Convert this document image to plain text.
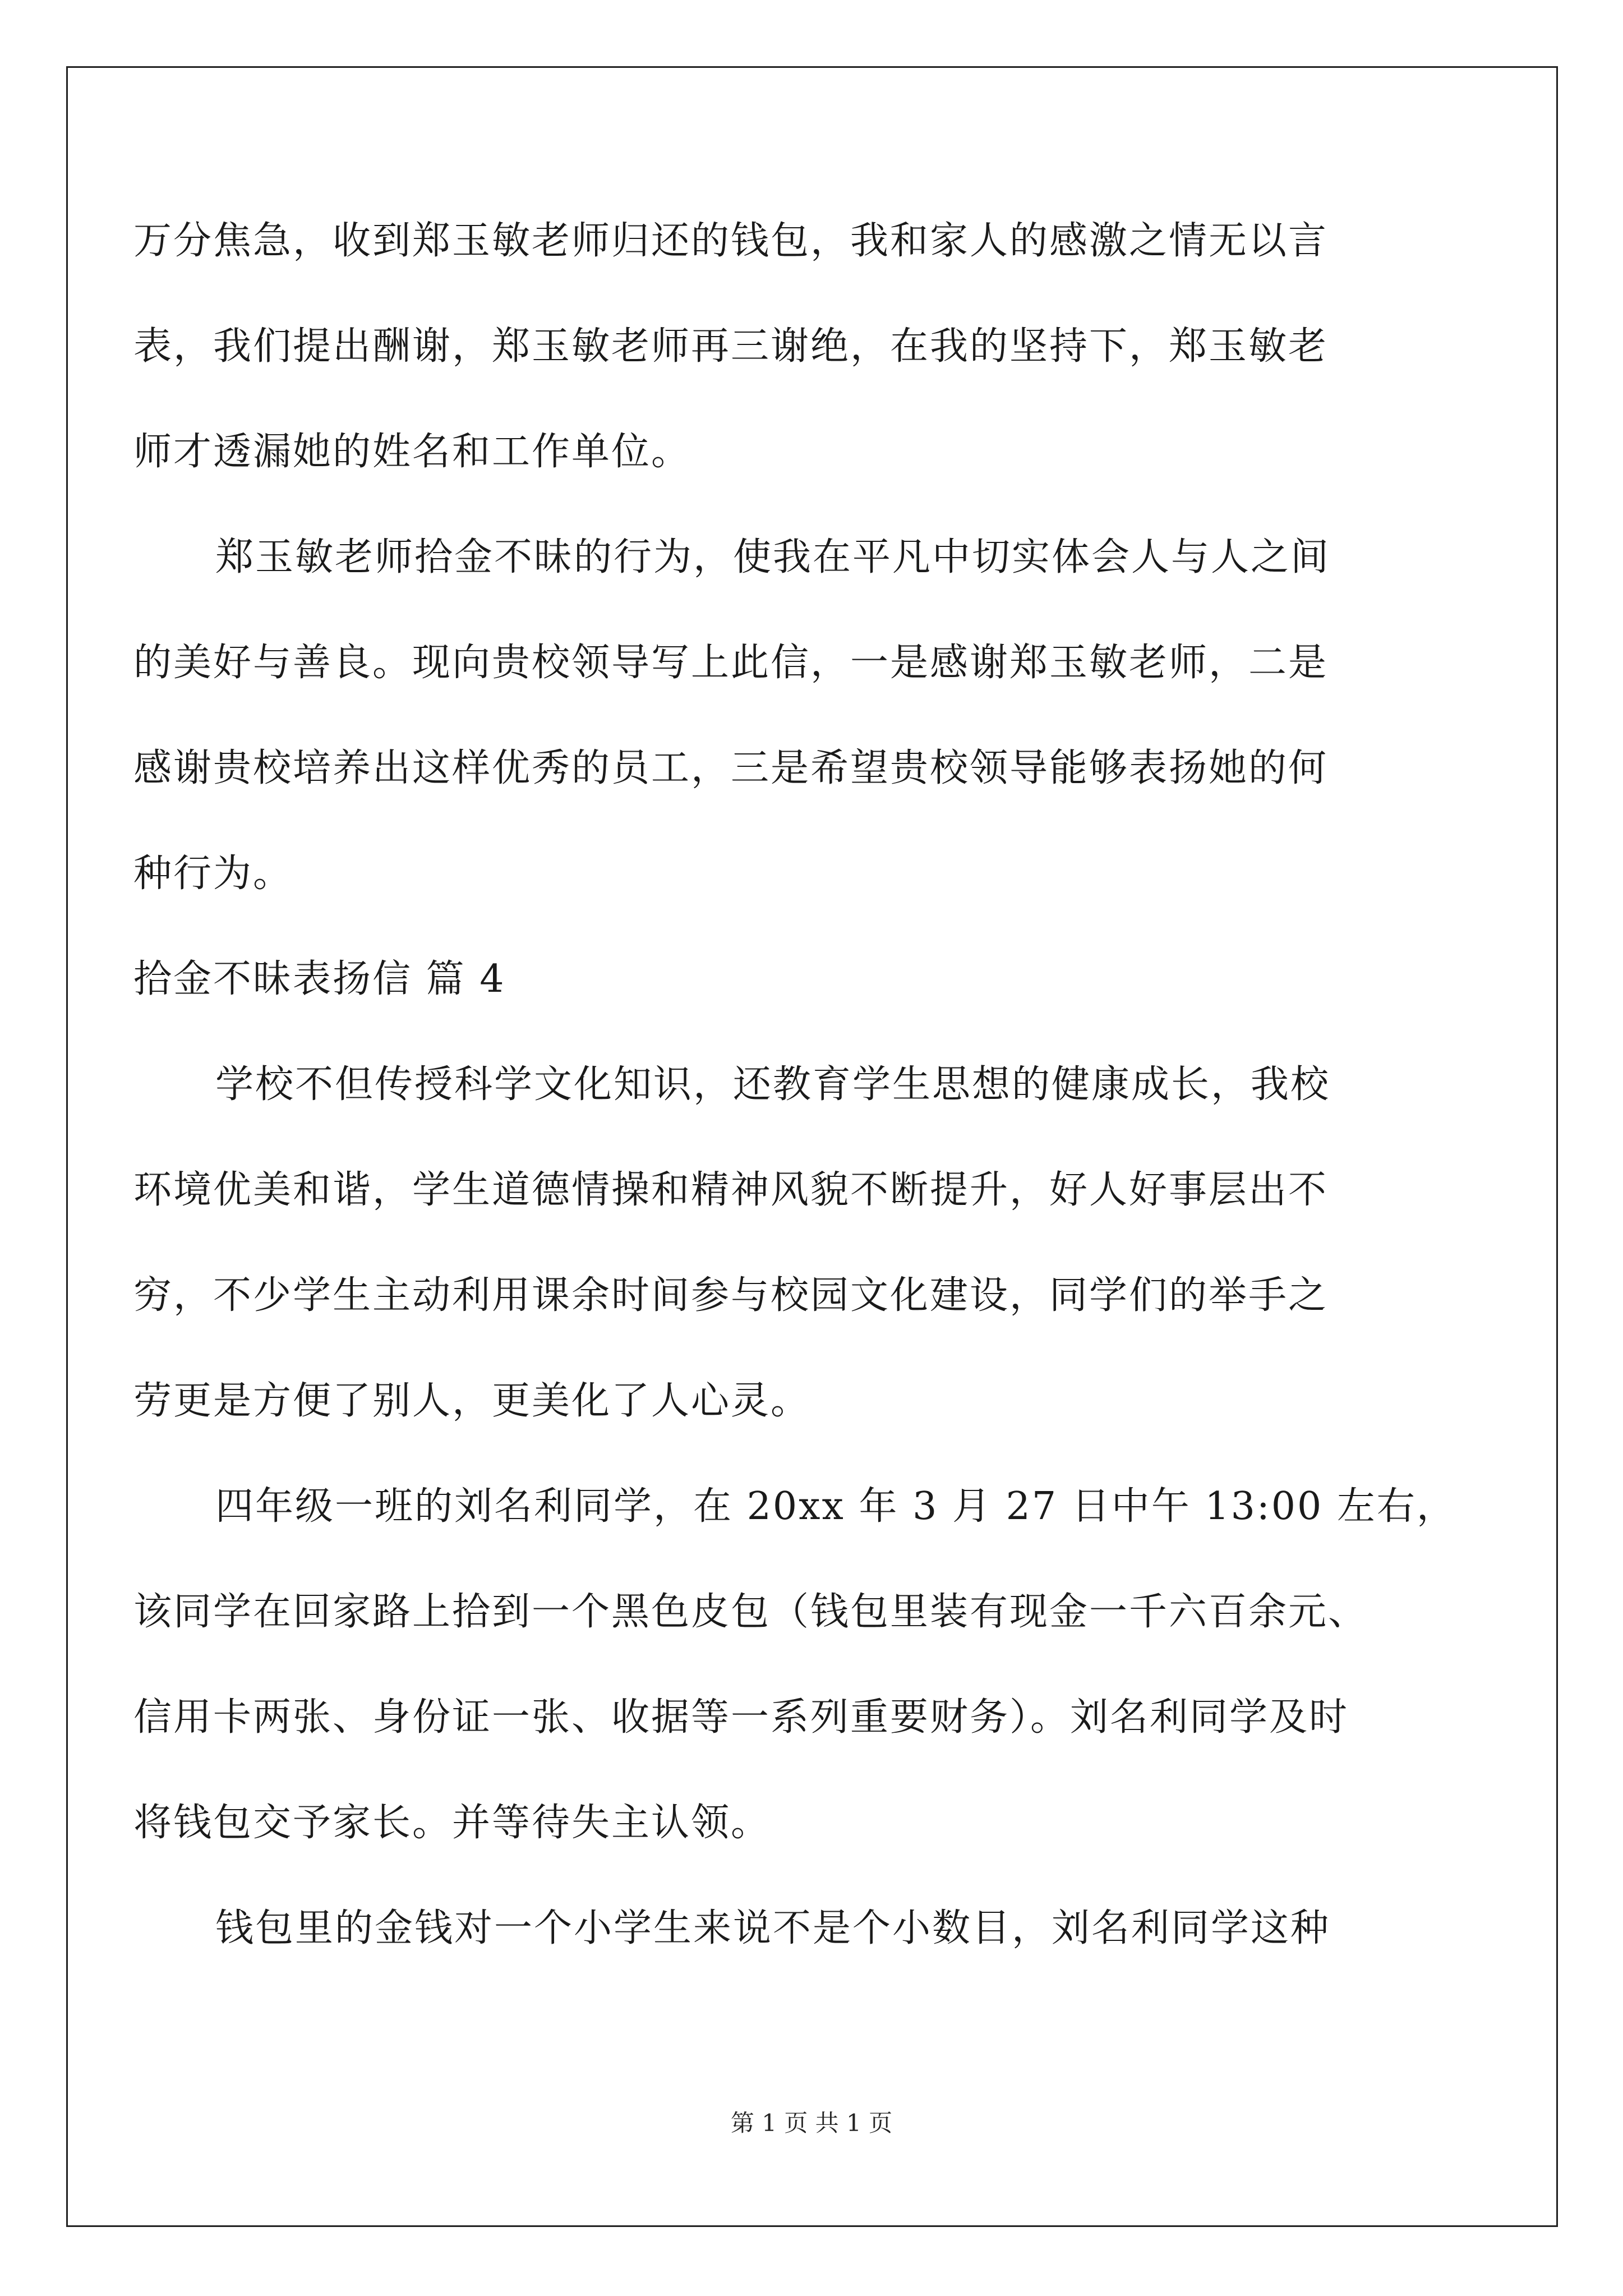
万分焦急，收到郑玉敏老师归还的钱包，我和家人的感激之情无以言
表，我们提出酬谢，郑玉敏老师再三谢绝，在我的坚持下，郑玉敏老
师才透漏她的姓名和工作单位。
郑玉敏老师拾金不昧的行为，使我在平凡中切实体会人与人之间
的美好与善良。现向贵校领导写上此信，一是感谢郑玉敏老师，二是
感谢贵校培养出这样优秀的员工，三是希望贵校领导能够表扬她的何
种行为。
拾金不昧表扬信 篇 4
学校不但传授科学文化知识，还教育学生思想的健康成长，我校
环境优美和谐，学生道德情操和精神风貌不断提升，好人好事层出不
穷，不少学生主动利用课余时间参与校园文化建设，同学们的举手之
劳更是方便了别人，更美化了人心灵。
四年级一班的刘名利同学，在 20xx 年 3 月 27 日中午 13:00 左右，
该同学在回家路上拾到一个黑色皮包（钱包里装有现金一千六百余元、
信用卡两张、身份证一张、收据等一系列重要财务）。刘名利同学及时
将钱包交予家长。并等待失主认领。
钱包里的金钱对一个小学生来说不是个小数目，刘名利同学这种
第 1 页 共 1 页
